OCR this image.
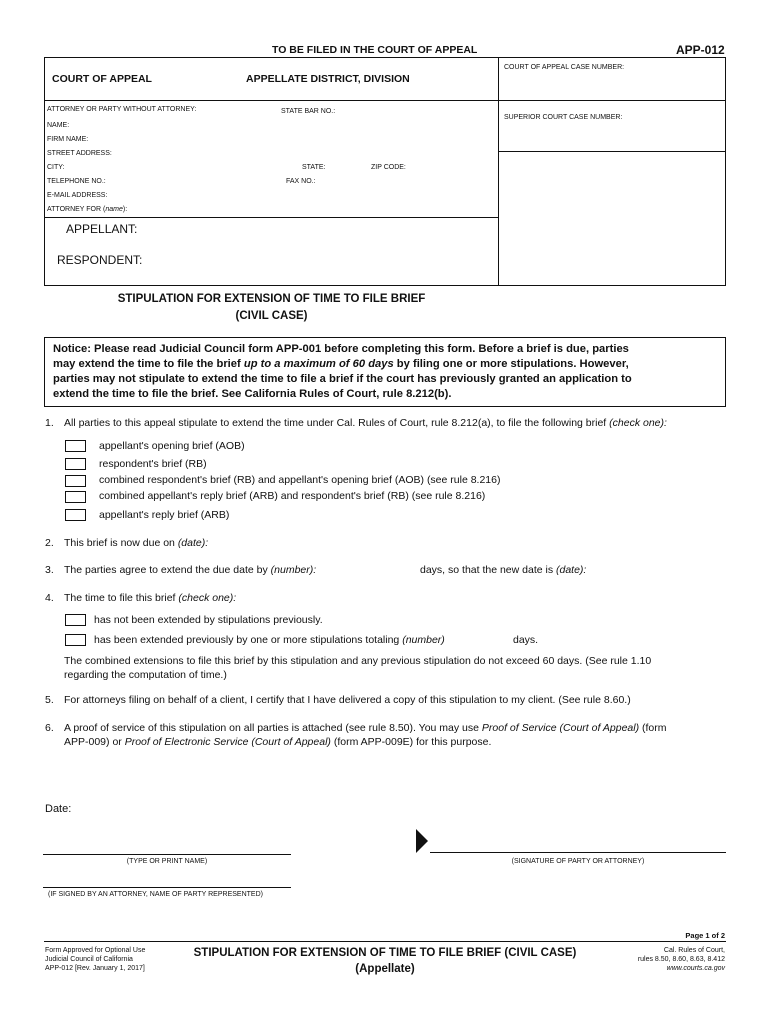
TO BE FILED IN THE COURT OF APPEAL	APP-012
COURT OF APPEAL	APPELLATE DISTRICT, DIVISION
COURT OF APPEAL CASE NUMBER:
SUPERIOR COURT CASE NUMBER:
ATTORNEY OR PARTY WITHOUT ATTORNEY:	STATE BAR NO.:
NAME:
FIRM NAME:
STREET ADDRESS:
CITY:	STATE:	ZIP CODE:
TELEPHONE NO.:	FAX NO.:
E-MAIL ADDRESS:
ATTORNEY FOR (name):
APPELLANT:
RESPONDENT:
STIPULATION FOR EXTENSION OF TIME TO FILE BRIEF
(CIVIL CASE)
Notice: Please read Judicial Council form APP-001 before completing this form. Before a brief is due, parties
may extend the time to file the brief up to a maximum of 60 days by filing one or more stipulations. However,
parties may not stipulate to extend the time to file a brief if the court has previously granted an application to
extend the time to file the brief. See California Rules of Court, rule 8.212(b).
1. All parties to this appeal stipulate to extend the time under Cal. Rules of Court, rule 8.212(a), to file the following brief (check one):
appellant's opening brief (AOB)
respondent's brief (RB)
combined respondent's brief (RB) and appellant's opening brief (AOB) (see rule 8.216)
combined appellant's reply brief (ARB) and respondent's brief (RB) (see rule 8.216)
appellant's reply brief (ARB)
2. This brief is now due on (date):
3. The parties agree to extend the due date by (number):	days, so that the new date is (date):
4. The time to file this brief (check one):
has not been extended by stipulations previously.
has been extended previously by one or more stipulations totaling (number)	days.
The combined extensions to file this brief by this stipulation and any previous stipulation do not exceed 60 days. (See rule 1.10
regarding the computation of time.)
5. For attorneys filing on behalf of a client, I certify that I have delivered a copy of this stipulation to my client. (See rule 8.60.)
6. A proof of service of this stipulation on all parties is attached (see rule 8.50). You may use Proof of Service (Court of Appeal) (form
APP-009) or Proof of Electronic Service (Court of Appeal) (form APP-009E) for this purpose.
Date:
(TYPE OR PRINT NAME)	(SIGNATURE OF PARTY OR ATTORNEY)
(IF SIGNED BY AN ATTORNEY, NAME OF PARTY REPRESENTED)
Page 1 of 2
Form Approved for Optional Use
Judicial Council of California
APP-012 [Rev. January 1, 2017]
STIPULATION FOR EXTENSION OF TIME TO FILE BRIEF (CIVIL CASE)
(Appellate)
Cal. Rules of Court,
rules 8.50, 8.60, 8.63, 8.412
www.courts.ca.gov
